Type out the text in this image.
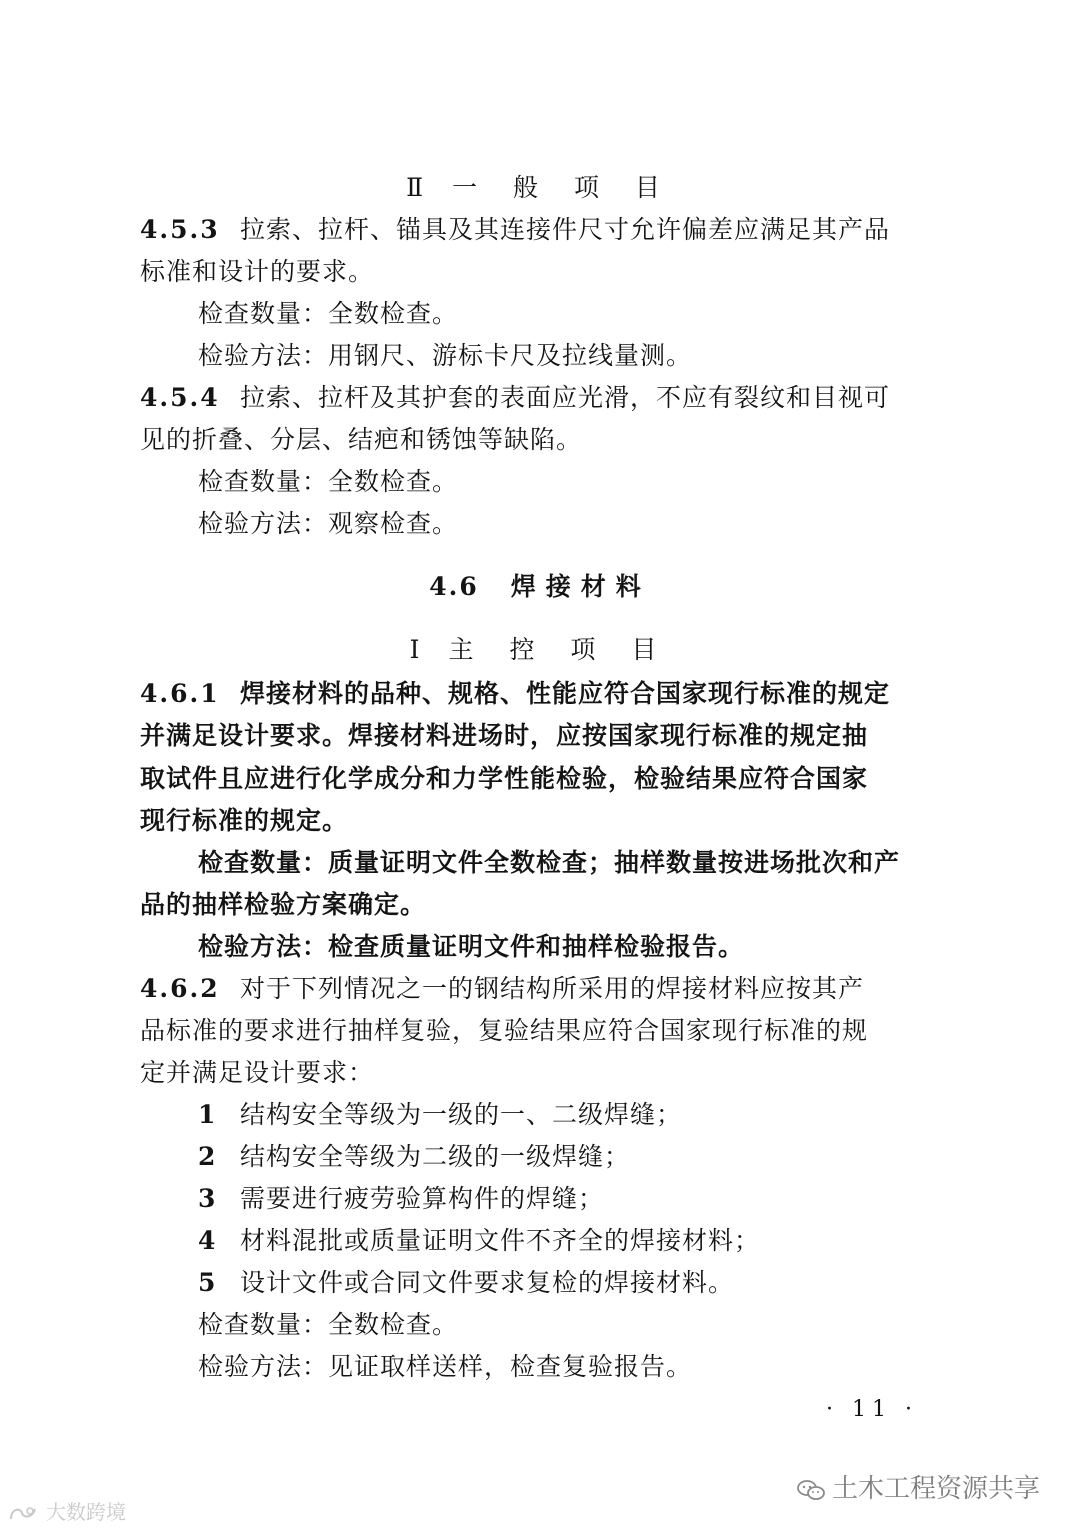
Ⅱ 一 般 项 目
4.5.3 拉索、拉杆、锚具及其连接件尺寸允许偏差应满足其产品
标准和设计的要求。
检查数量：全数检查。
检验方法：用钢尺、游标卡尺及拉线量测。
4.5.4 拉索、拉杆及其护套的表面应光滑，不应有裂纹和目视可
见的折叠、分层、结疤和锈蚀等缺陷。
检查数量：全数检查。
检验方法：观察检查。
4.6 焊接材料
Ⅰ 主 控 项 目
4.6.1 焊接材料的品种、规格、性能应符合国家现行标准的规定
并满足设计要求。焊接材料进场时，应按国家现行标准的规定抽
取试件且应进行化学成分和力学性能检验，检验结果应符合国家
现行标准的规定。
检查数量：质量证明文件全数检查；抽样数量按进场批次和产
品的抽样检验方案确定。
检验方法：检查质量证明文件和抽样检验报告。
4.6.2 对于下列情况之一的钢结构所采用的焊接材料应按其产
品标准的要求进行抽样复验，复验结果应符合国家现行标准的规
定并满足设计要求：
1 结构安全等级为一级的一、二级焊缝；
2 结构安全等级为二级的一级焊缝；
3 需要进行疲劳验算构件的焊缝；
4 材料混批或质量证明文件不齐全的焊接材料；
5 设计文件或合同文件要求复检的焊接材料。
检查数量：全数检查。
检验方法：见证取样送样，检查复验报告。
· 11 ·
土木工程资源共享
大数跨境
